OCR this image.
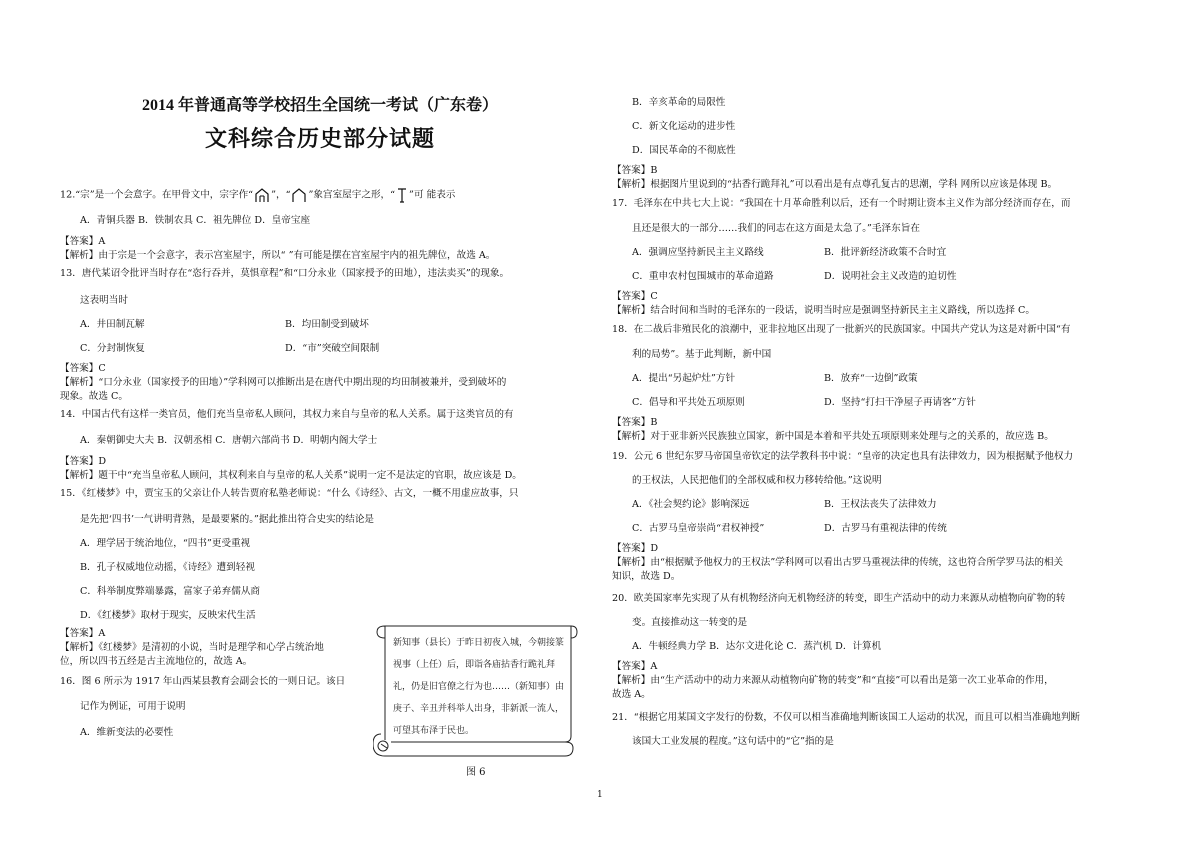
2014 年普通高等学校招生全国统一考试（广东卷）
文科综合历史部分试题
12.“宗”是一个会意字。在甲骨文中，宗字作“ ”，“ ”象宫室屋宇之形，“ ”可 能表示
A．青铜兵器 B．铁制农具 C．祖先牌位 D．皇帝宝座
【答案】A
【解析】由于宗是一个会意字，表示宫室屋宇，所以“ ”有可能是摆在宫室屋宇内的祖先牌位，故选 A。
13．唐代某诏令批评当时存在“恣行吞并，莫惧章程”和“口分永业（国家授予的田地），违法卖买”的现象。
这表明当时
A．井田制瓦解	B．均田制受到破坏
C．分封制恢复	D．“市”突破空间限制
【答案】C
【解析】“口分永业（国家授予的田地）”学科网可以推断出是在唐代中期出现的均田制被兼并，受到破坏的
现象。故选 C。
14．中国古代有这样一类官员，他们充当皇帝私人顾问，其权力来自与皇帝的私人关系。属于这类官员的有
A．秦朝御史大夫 B．汉朝丞相 C．唐朝六部尚书 D．明朝内阁大学士
【答案】D
【解析】题干中“充当皇帝私人顾问，其权利来自与皇帝的私人关系”说明一定不是法定的官职，故应该是 D。
15．《红楼梦》中，贾宝玉的父亲让仆人转告贾府私塾老师说：“什么《诗经》、古文，一概不用虚应故事，只
是先把‘四书’一气讲明背熟，是最要紧的。”据此推出符合史实的结论是
A．理学居于统治地位，“四书”更受重视
B．孔子权威地位动摇，《诗经》遭到轻视
C．科举制度弊端暴露，富家子弟弃儒从商
D．《红楼梦》取材于现实，反映宋代生活
【答案】A
【解析】《红楼梦》是清初的小说，当时是理学和心学占统治地
位，所以四书五经是古主流地位的，故选 A。
16．图 6 所示为 1917 年山西某县教育会副会长的一则日记。该日
记作为例证，可用于说明
A．维新变法的必要性
新知事（县长）于昨日初夜入城，今朝接篆视事（上任）后，即诣各庙拈香行跪礼拜礼，仍是旧官僚之行为也……（新知事）由庚子、辛丑并科举人出身，非新派一流人，可望其布泽于民也。
图 6
B．辛亥革命的局限性
C．新文化运动的进步性
D．国民革命的不彻底性
【答案】B
【解析】根据图片里说到的“拈香行跪拜礼”可以看出是有点尊孔复古的思潮，学科 网所以应该是体现 B。
17．毛泽东在中共七大上说：“我国在十月革命胜利以后，还有一个时期让资本主义作为部分经济而存在，而
且还是很大的一部分……我们的同志在这方面是太急了。”毛泽东旨在
A．强调应坚持新民主主义路线	B．批评新经济政策不合时宜
C．重申农村包围城市的革命道路	D．说明社会主义改造的迫切性
【答案】C
【解析】结合时间和当时的毛泽东的一段话，说明当时应是强调坚持新民主主义路线，所以选择 C。
18．在二战后非殖民化的浪潮中，亚非拉地区出现了一批新兴的民族国家。中国共产党认为这是对新中国“有
利的局势”。基于此判断，新中国
A．提出“另起炉灶”方针	B．放弃“一边倒”政策
C．倡导和平共处五项原则	D．坚持“打扫干净屋子再请客”方针
【答案】B
【解析】对于亚非新兴民族独立国家，新中国是本着和平共处五项原则来处理与之的关系的，故应选 B。
19．公元 6 世纪东罗马帝国皇帝钦定的法学教科书中说：“皇帝的决定也具有法律效力，因为根据赋予他权力
的王权法，人民把他们的全部权威和权力移转给他。”这说明
A．《社会契约论》影响深远	B．王权法丧失了法律效力
C．古罗马皇帝崇尚“君权神授”	D．古罗马有重视法律的传统
【答案】D
【解析】由“根据赋予他权力的王权法”学科网可以看出古罗马重视法律的传统，这也符合所学罗马法的相关
知识，故选 D。
20．欧美国家率先实现了从有机物经济向无机物经济的转变，即生产活动中的动力来源从动植物向矿物的转
变。直接推动这一转变的是
A．牛顿经典力学 B．达尔文进化论 C．蒸汽机 D．计算机
【答案】A
【解析】由“生产活动中的动力来源从动植物向矿物的转变”和“直接”可以看出是第一次工业革命的作用，
故选 A。
21．“根据它用某国文字发行的份数，不仅可以相当准确地判断该国工人运动的状况，而且可以相当准确地判断
该国大工业发展的程度。”这句话中的“它”指的是
1
